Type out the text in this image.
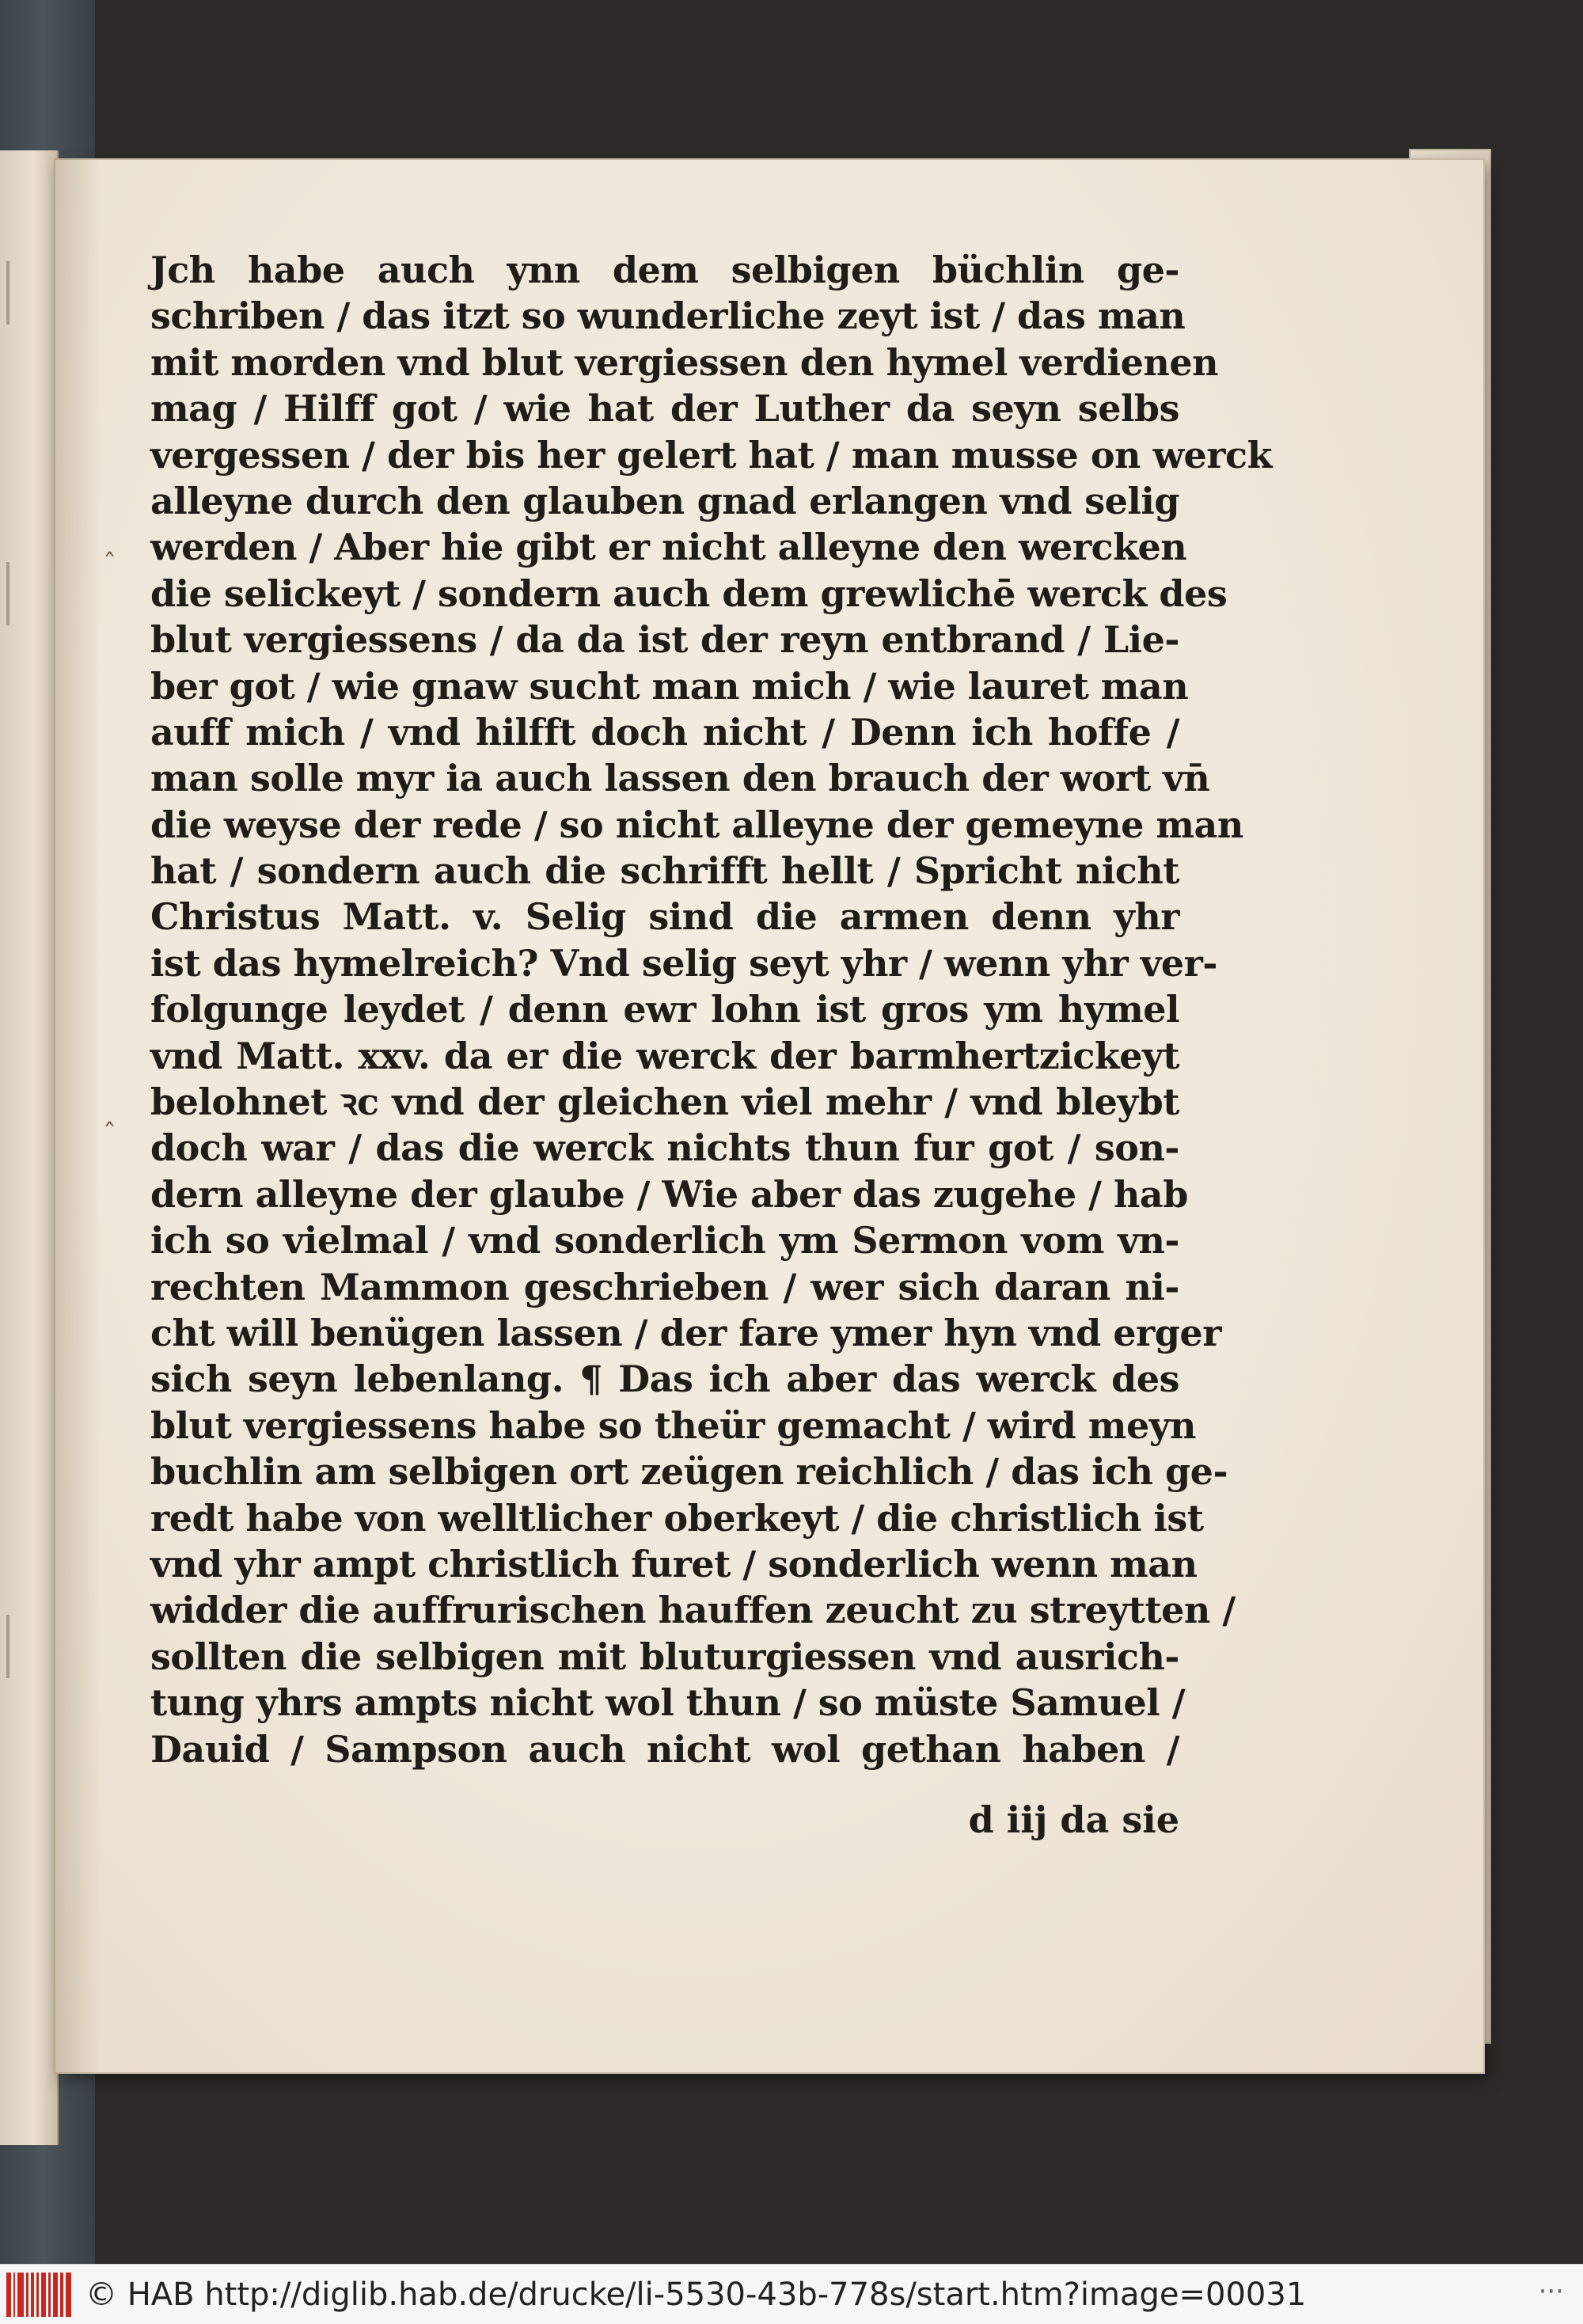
ˆ
ˆ
Jch habe auch ynn dem selbigen büchlin ge-
schriben / das itzt so wunderliche zeyt ist / das man
mit morden vnd blut vergiessen den hymel verdienen
mag / Hilff got / wie hat der Luther da seyn selbs
vergessen / der bis her gelert hat / man musse on werck
alleyne durch den glauben gnad erlangen vnd selig
werden / Aber hie gibt er nicht alleyne den wercken
die selickeyt / sondern auch dem grewlichē werck des
blut vergiessens / da da ist der reyn entbrand / Lie-
ber got / wie gnaw sucht man mich / wie lauret man
auff mich / vnd hilfft doch nicht / Denn ich hoffe /
man solle myr ia auch lassen den brauch der wort vn̄
die weyse der rede / so nicht alleyne der gemeyne man
hat / sondern auch die schrifft hellt / Spricht nicht
Christus Matt. v. Selig sind die armen denn yhr
ist das hymelreich? Vnd selig seyt yhr / wenn yhr ver-
folgunge leydet / denn ewr lohn ist gros ym hymel
vnd Matt. xxv. da er die werck der barmhertzickeyt
belohnet ꝛc vnd der gleichen viel mehr / vnd bleybt
doch war / das die werck nichts thun fur got / son-
dern alleyne der glaube / Wie aber das zugehe / hab
ich so vielmal / vnd sonderlich ym Sermon vom vn-
rechten Mammon geschrieben / wer sich daran ni-
cht will benügen lassen / der fare ymer hyn vnd erger
sich seyn lebenlang. ¶ Das ich aber das werck des
blut vergiessens habe so theür gemacht / wird meyn
buchlin am selbigen ort zeügen reichlich / das ich ge-
redt habe von welltlicher oberkeyt / die christlich ist
vnd yhr ampt christlich furet / sonderlich wenn man
widder die auffrurischen hauffen zeucht zu streytten /
sollten die selbigen mit bluturgiessen vnd ausrich-
tung yhrs ampts nicht wol thun / so müste Samuel /
Dauid / Sampson auch nicht wol gethan haben /
d iij da sie
© HAB http://diglib.hab.de/drucke/li-5530-43b-778s/start.htm?image=00031	···
